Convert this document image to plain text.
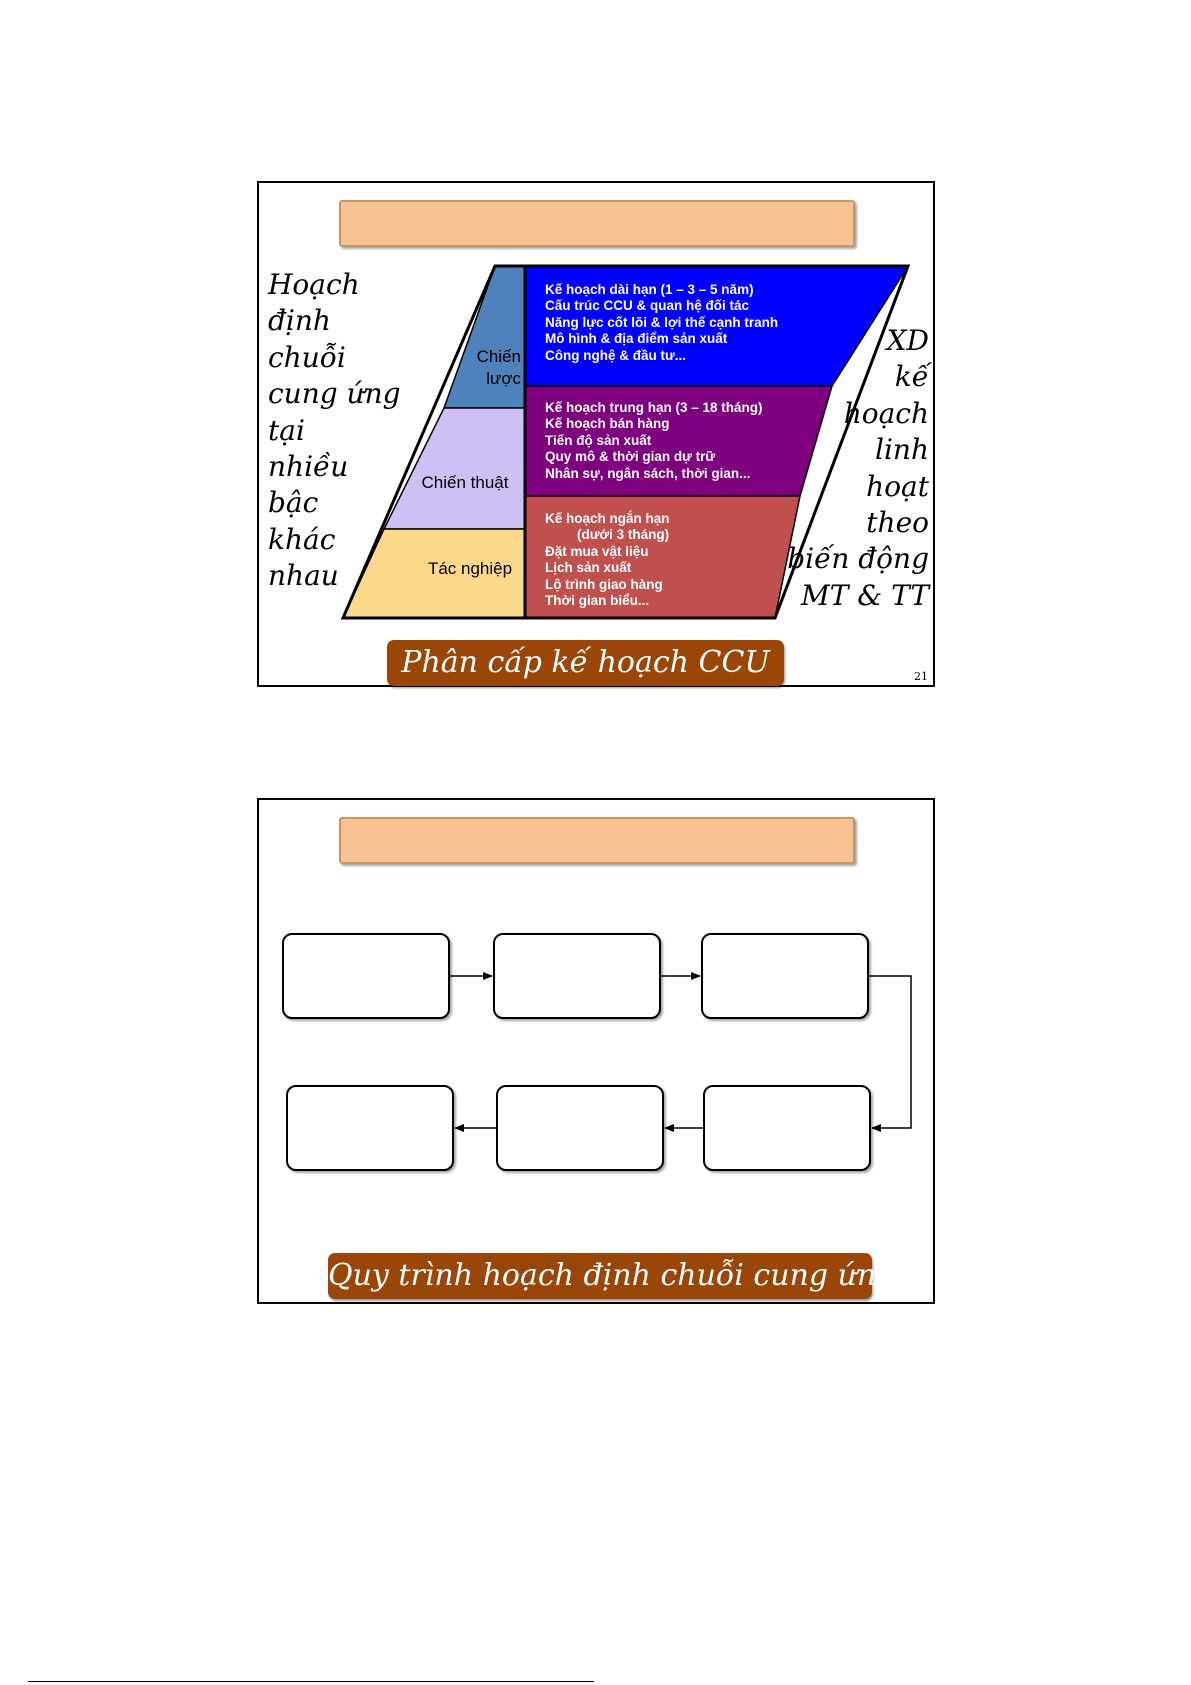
Hoạch
định
chuỗi
cung ứng
tại
nhiều
bậc
khác
nhau
XD
kế
hoạch
linh
hoạt
theo
biến động
MT & TT
Chiến
lược
Chiến thuật
Tác nghiệp
Kế hoạch dài hạn (1 – 3 – 5 năm)
Cấu trúc CCU & quan hệ đối tác
Năng lực cốt lõi & lợi thế cạnh tranh
Mô hình & địa điểm sản xuất
Công nghệ & đầu tư...
Kế hoạch trung hạn (3 – 18 tháng)
Kế hoạch bán hàng
Tiến độ sản xuất
Quy mô & thời gian dự trữ
Nhân sự, ngân sách, thời gian...
Kế hoạch ngắn hạn
(dưới 3 tháng)
Đặt mua vật liệu
Lịch sản xuất
Lộ trình giao hàng
Thời gian biểu...
Phân cấp kế hoạch CCU	21
Quy trình hoạch định chuỗi cung ứng
